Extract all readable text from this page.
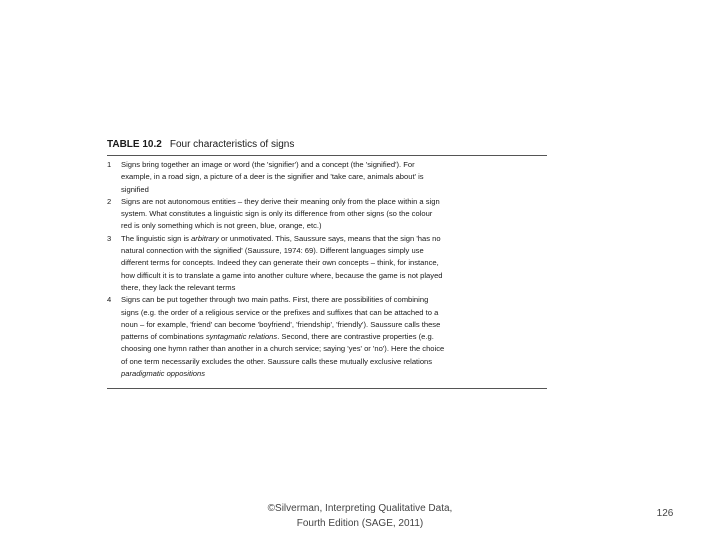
TABLE 10.2 Four characteristics of signs

1 Signs bring together an image or word (the 'signifier') and a concept (the 'signified'). For

example, in a road sign, a picture of a deer is the signifier and 'take care, animals about' is

signified

2 Signs are not autonomous entities – they derive their meaning only from the place within a sign

system. What constitutes a linguistic sign is only its difference from other signs (so the colour

red is only something which is not green, blue, orange, etc.)

3 The linguistic sign is arbitrary or unmotivated. This, Saussure says, means that the sign 'has no

natural connection with the signified' (Saussure, 1974: 69). Different languages simply use

different terms for concepts. Indeed they can generate their own concepts – think, for instance,

how difficult it is to translate a game into another culture where, because the game is not played

there, they lack the relevant terms

4 Signs can be put together through two main paths. First, there are possibilities of combining

signs (e.g. the order of a religious service or the prefixes and suffixes that can be attached to a

noun – for example, 'friend' can become 'boyfriend', 'friendship', 'friendly'). Saussure calls these

patterns of combinations syntagmatic relations. Second, there are contrastive properties (e.g.

choosing one hymn rather than another in a church service; saying 'yes' or 'no'). Here the choice

of one term necessarily excludes the other. Saussure calls these mutually exclusive relations

paradigmatic oppositions

©Silverman, Interpreting Qualitative Data,
Fourth Edition (SAGE, 2011)
126
